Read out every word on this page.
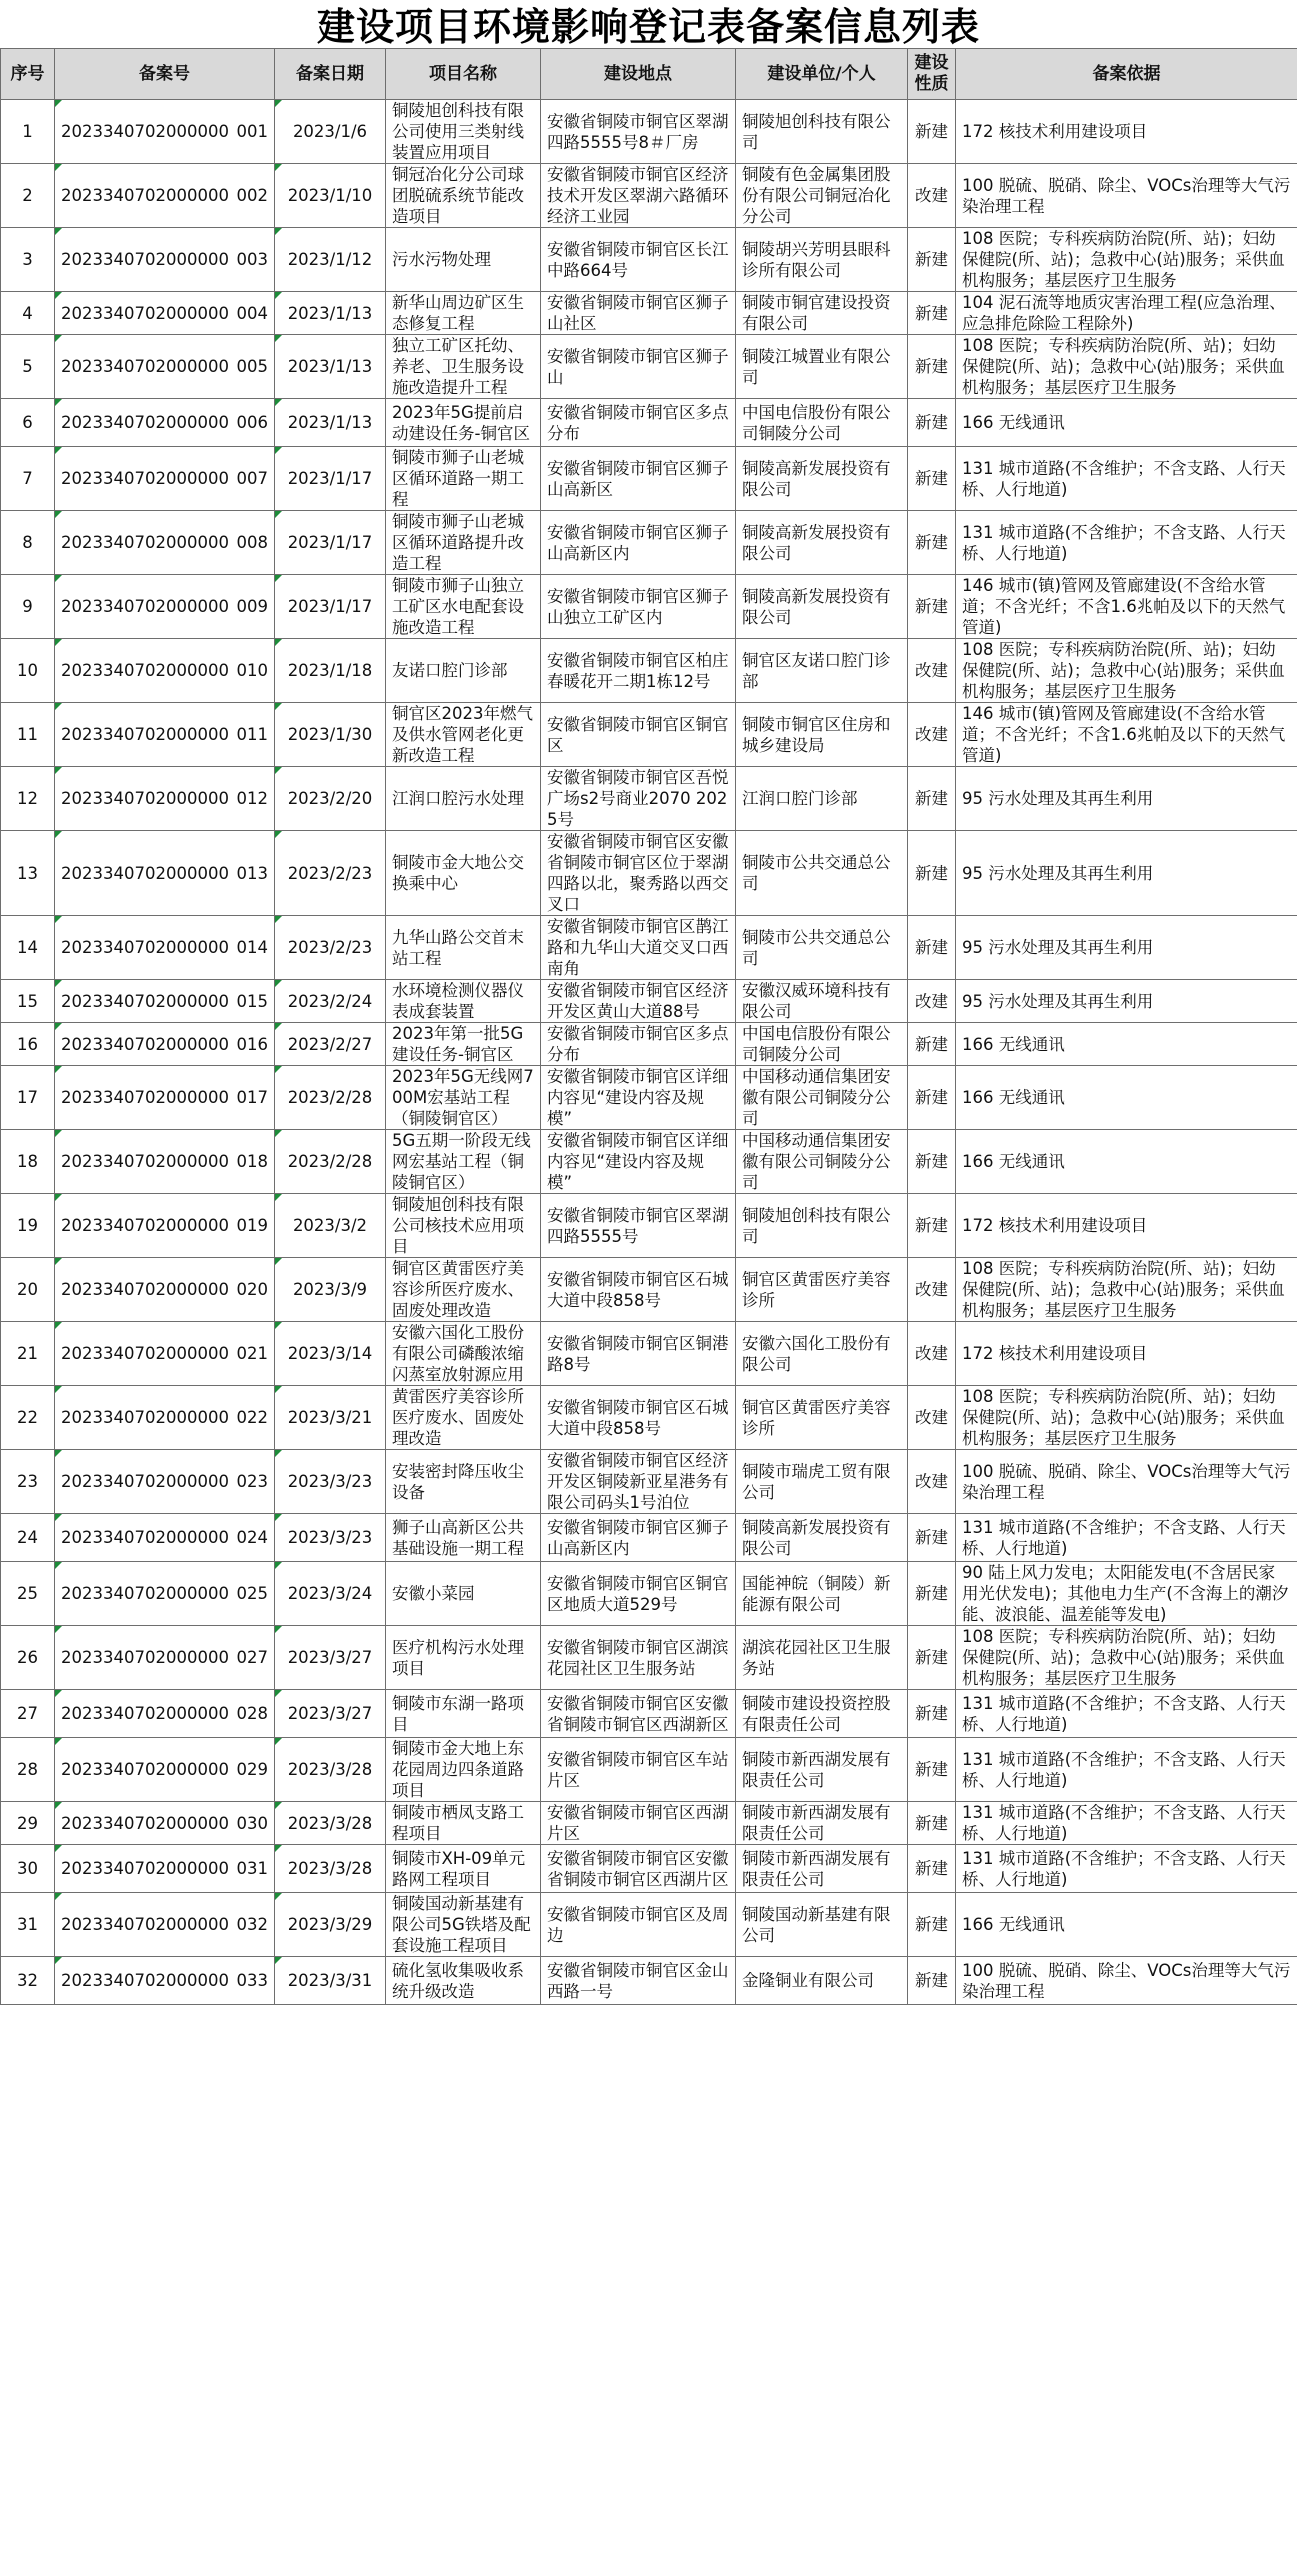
建设项目环境影响登记表备案信息列表
序号	备案号	备案日期	项目名称	建设地点	建设单位/个人	建设性质	备案依据
1	2023340702000000 001	2023/1/6	铜陵旭创科技有限公司使用三类射线装置应用项目	安徽省铜陵市铜官区翠湖四路5555号8＃厂房	铜陵旭创科技有限公司	新建	172 核技术利用建设项目
2	2023340702000000 002	2023/1/10	铜冠冶化分公司球团脱硫系统节能改造项目	安徽省铜陵市铜官区经济技术开发区翠湖六路循环经济工业园	铜陵有色金属集团股份有限公司铜冠冶化分公司	改建	100 脱硫、脱硝、除尘、VOCs治理等大气污染治理工程
3	2023340702000000 003	2023/1/12	污水污物处理	安徽省铜陵市铜官区长江中路664号	铜陵胡兴芳明县眼科诊所有限公司	新建	108 医院；专科疾病防治院(所、站)；妇幼保健院(所、站)；急救中心(站)服务；采供血机构服务；基层医疗卫生服务
4	2023340702000000 004	2023/1/13	新华山周边矿区生态修复工程	安徽省铜陵市铜官区狮子山社区	铜陵市铜官建设投资有限公司	新建	104 泥石流等地质灾害治理工程(应急治理、应急排危除险工程除外)
5	2023340702000000 005	2023/1/13	独立工矿区托幼、养老、卫生服务设施改造提升工程	安徽省铜陵市铜官区狮子山	铜陵江城置业有限公司	新建	108 医院；专科疾病防治院(所、站)；妇幼保健院(所、站)；急救中心(站)服务；采供血机构服务；基层医疗卫生服务
6	2023340702000000 006	2023/1/13	2023年5G提前启动建设任务-铜官区	安徽省铜陵市铜官区多点分布	中国电信股份有限公司铜陵分公司	新建	166 无线通讯
7	2023340702000000 007	2023/1/17	铜陵市狮子山老城区循环道路一期工程	安徽省铜陵市铜官区狮子山高新区	铜陵高新发展投资有限公司	新建	131 城市道路(不含维护；不含支路、人行天桥、人行地道)
8	2023340702000000 008	2023/1/17	铜陵市狮子山老城区循环道路提升改造工程	安徽省铜陵市铜官区狮子山高新区内	铜陵高新发展投资有限公司	新建	131 城市道路(不含维护；不含支路、人行天桥、人行地道)
9	2023340702000000 009	2023/1/17	铜陵市狮子山独立工矿区水电配套设施改造工程	安徽省铜陵市铜官区狮子山独立工矿区内	铜陵高新发展投资有限公司	新建	146 城市(镇)管网及管廊建设(不含给水管道；不含光纤；不含1.6兆帕及以下的天然气管道)
10	2023340702000000 010	2023/1/18	友诺口腔门诊部	安徽省铜陵市铜官区柏庄春暖花开二期1栋12号	铜官区友诺口腔门诊部	改建	108 医院；专科疾病防治院(所、站)；妇幼保健院(所、站)；急救中心(站)服务；采供血机构服务；基层医疗卫生服务
11	2023340702000000 011	2023/1/30	铜官区2023年燃气及供水管网老化更新改造工程	安徽省铜陵市铜官区铜官区	铜陵市铜官区住房和城乡建设局	改建	146 城市(镇)管网及管廊建设(不含给水管道；不含光纤；不含1.6兆帕及以下的天然气管道)
12	2023340702000000 012	2023/2/20	江润口腔污水处理	安徽省铜陵市铜官区吾悦广场s2号商业2070 2025号	江润口腔门诊部	新建	95 污水处理及其再生利用
13	2023340702000000 013	2023/2/23	铜陵市金大地公交换乘中心	安徽省铜陵市铜官区安徽省铜陵市铜官区位于翠湖四路以北，聚秀路以西交叉口	铜陵市公共交通总公司	新建	95 污水处理及其再生利用
14	2023340702000000 014	2023/2/23	九华山路公交首末站工程	安徽省铜陵市铜官区鹊江路和九华山大道交叉口西南角	铜陵市公共交通总公司	新建	95 污水处理及其再生利用
15	2023340702000000 015	2023/2/24	水环境检测仪器仪表成套装置	安徽省铜陵市铜官区经济开发区黄山大道88号	安徽汉威环境科技有限公司	改建	95 污水处理及其再生利用
16	2023340702000000 016	2023/2/27	2023年第一批5G建设任务-铜官区	安徽省铜陵市铜官区多点分布	中国电信股份有限公司铜陵分公司	新建	166 无线通讯
17	2023340702000000 017	2023/2/28	2023年5G无线网700M宏基站工程（铜陵铜官区）	安徽省铜陵市铜官区详细内容见“建设内容及规模”	中国移动通信集团安徽有限公司铜陵分公司	新建	166 无线通讯
18	2023340702000000 018	2023/2/28	5G五期一阶段无线网宏基站工程（铜陵铜官区）	安徽省铜陵市铜官区详细内容见“建设内容及规模”	中国移动通信集团安徽有限公司铜陵分公司	新建	166 无线通讯
19	2023340702000000 019	2023/3/2	铜陵旭创科技有限公司核技术应用项目	安徽省铜陵市铜官区翠湖四路5555号	铜陵旭创科技有限公司	新建	172 核技术利用建设项目
20	2023340702000000 020	2023/3/9	铜官区黄雷医疗美容诊所医疗废水、固废处理改造	安徽省铜陵市铜官区石城大道中段858号	铜官区黄雷医疗美容诊所	改建	108 医院；专科疾病防治院(所、站)；妇幼保健院(所、站)；急救中心(站)服务；采供血机构服务；基层医疗卫生服务
21	2023340702000000 021	2023/3/14	安徽六国化工股份有限公司磷酸浓缩闪蒸室放射源应用	安徽省铜陵市铜官区铜港路8号	安徽六国化工股份有限公司	改建	172 核技术利用建设项目
22	2023340702000000 022	2023/3/21	黄雷医疗美容诊所医疗废水、固废处理改造	安徽省铜陵市铜官区石城大道中段858号	铜官区黄雷医疗美容诊所	改建	108 医院；专科疾病防治院(所、站)；妇幼保健院(所、站)；急救中心(站)服务；采供血机构服务；基层医疗卫生服务
23	2023340702000000 023	2023/3/23	安装密封降压收尘设备	安徽省铜陵市铜官区经济开发区铜陵新亚星港务有限公司码头1号泊位	铜陵市瑞虎工贸有限公司	改建	100 脱硫、脱硝、除尘、VOCs治理等大气污染治理工程
24	2023340702000000 024	2023/3/23	狮子山高新区公共基础设施一期工程	安徽省铜陵市铜官区狮子山高新区内	铜陵高新发展投资有限公司	新建	131 城市道路(不含维护；不含支路、人行天桥、人行地道)
25	2023340702000000 025	2023/3/24	安徽小菜园	安徽省铜陵市铜官区铜官区地质大道529号	国能神皖（铜陵）新能源有限公司	新建	90 陆上风力发电；太阳能发电(不含居民家用光伏发电)；其他电力生产(不含海上的潮汐能、波浪能、温差能等发电)
26	2023340702000000 027	2023/3/27	医疗机构污水处理项目	安徽省铜陵市铜官区湖滨花园社区卫生服务站	湖滨花园社区卫生服务站	新建	108 医院；专科疾病防治院(所、站)；妇幼保健院(所、站)；急救中心(站)服务；采供血机构服务；基层医疗卫生服务
27	2023340702000000 028	2023/3/27	铜陵市东湖一路项目	安徽省铜陵市铜官区安徽省铜陵市铜官区西湖新区	铜陵市建设投资控股有限责任公司	新建	131 城市道路(不含维护；不含支路、人行天桥、人行地道)
28	2023340702000000 029	2023/3/28	铜陵市金大地上东花园周边四条道路项目	安徽省铜陵市铜官区车站片区	铜陵市新西湖发展有限责任公司	新建	131 城市道路(不含维护；不含支路、人行天桥、人行地道)
29	2023340702000000 030	2023/3/28	铜陵市栖凤支路工程项目	安徽省铜陵市铜官区西湖片区	铜陵市新西湖发展有限责任公司	新建	131 城市道路(不含维护；不含支路、人行天桥、人行地道)
30	2023340702000000 031	2023/3/28	铜陵市XH-09单元路网工程项目	安徽省铜陵市铜官区安徽省铜陵市铜官区西湖片区	铜陵市新西湖发展有限责任公司	新建	131 城市道路(不含维护；不含支路、人行天桥、人行地道)
31	2023340702000000 032	2023/3/29	铜陵国动新基建有限公司5G铁塔及配套设施工程项目	安徽省铜陵市铜官区及周边	铜陵国动新基建有限公司	新建	166 无线通讯
32	2023340702000000 033	2023/3/31	硫化氢收集吸收系统升级改造	安徽省铜陵市铜官区金山西路一号	金隆铜业有限公司	新建	100 脱硫、脱硝、除尘、VOCs治理等大气污染治理工程
